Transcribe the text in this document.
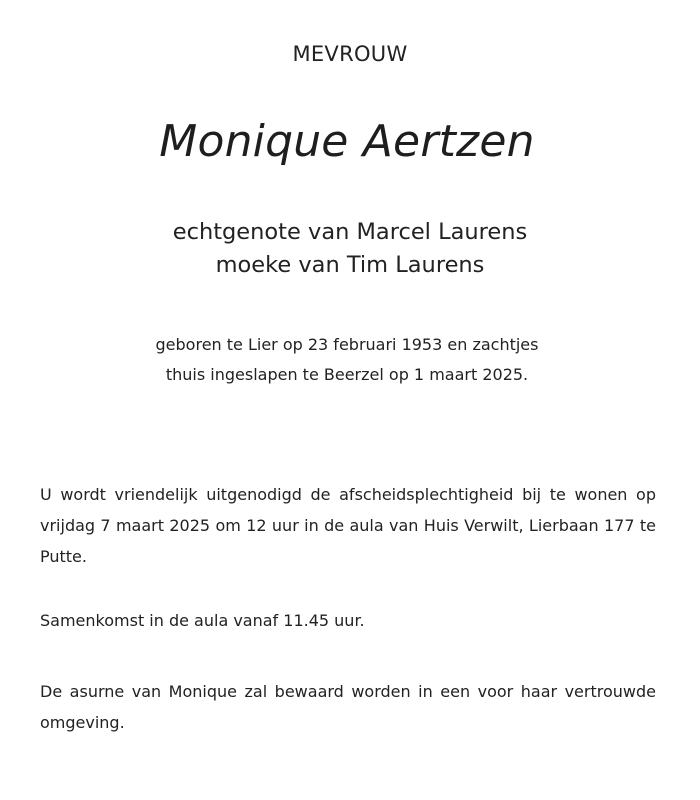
MEVROUW
Monique Aertzen
echtgenote van Marcel Laurens
moeke van Tim Laurens
geboren te Lier op 23 februari 1953 en zachtjes
thuis ingeslapen te Beerzel op 1 maart 2025.

U wordt vriendelijk uitgenodigd de afscheidsplechtigheid bij te wonen op vrijdag 7 maart 2025 om 12 uur in de aula van Huis Verwilt, Lierbaan 177 te Putte.

Samenkomst in de aula vanaf 11.45 uur.

De asurne van Monique zal bewaard worden in een voor haar vertrouwde omgeving.
